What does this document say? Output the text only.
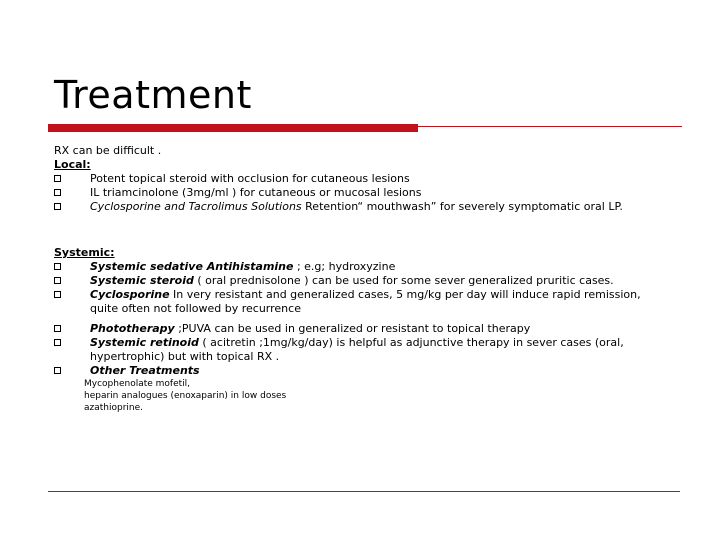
Treatment
RX can be difficult .
Local:
Potent topical steroid with occlusion for cutaneous lesions
IL triamcinolone (3mg/ml ) for cutaneous or mucosal lesions
Cyclosporine and Tacrolimus Solutions Retention“ mouthwash” for severely symptomatic oral LP.
Systemic:
Systemic sedative Antihistamine ; e.g; hydroxyzine
Systemic steroid ( oral prednisolone ) can be used for some sever generalized pruritic cases.
Cyclosporine In very resistant and generalized cases, 5 mg/kg per day will induce rapid remission,
quite often not followed by recurrence
Phototherapy ;PUVA can be used in generalized or resistant to topical therapy
Systemic retinoid ( acitretin ;1mg/kg/day) is helpful as adjunctive therapy in sever cases (oral,
hypertrophic) but with topical RX .
Other Treatments
Mycophenolate mofetil,
heparin analogues (enoxaparin) in low doses
azathioprine.
